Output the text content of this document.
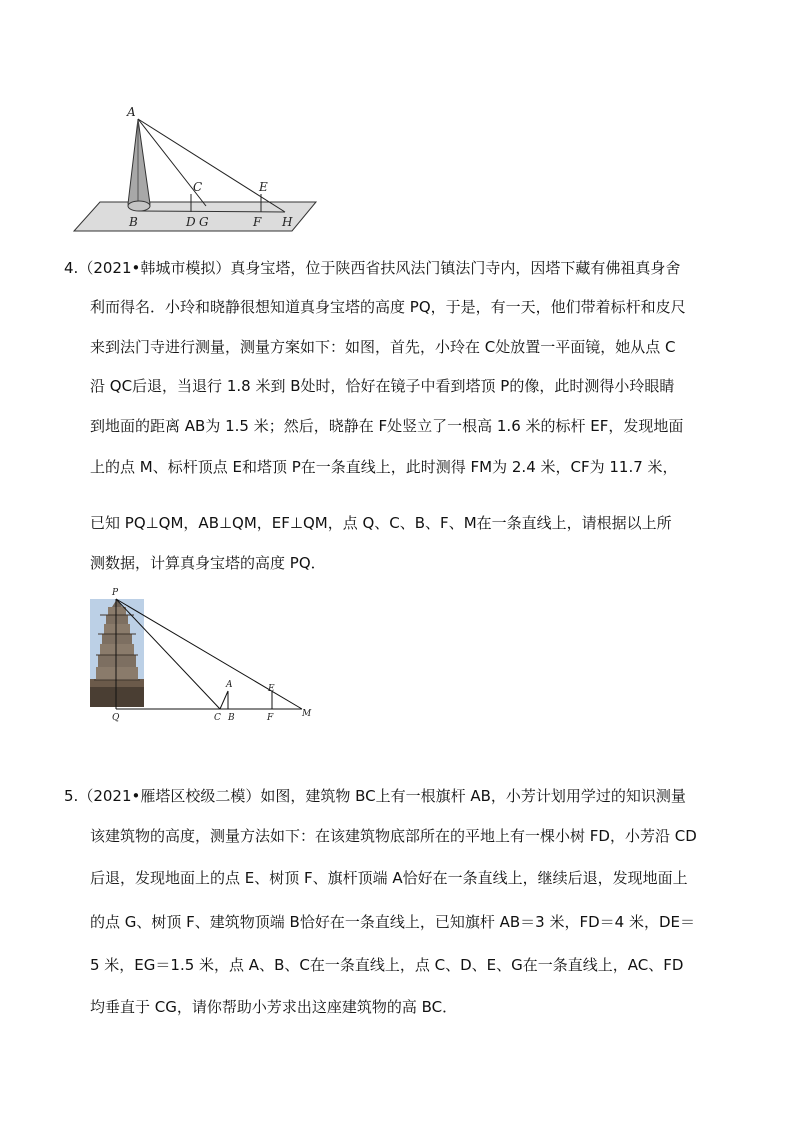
A
B
C
D G
E
F H
4.（2021•韩城市模拟）真身宝塔，位于陕西省扶风法门镇法门寺内，因塔下藏有佛祖真身舍
利而得名．小玲和晓静很想知道真身宝塔的高度 PQ，于是，有一天，他们带着标杆和皮尺
来到法门寺进行测量，测量方案如下：如图，首先，小玲在 C处放置一平面镜，她从点 C
沿 QC后退，当退行 1.8 米到 B处时，恰好在镜子中看到塔顶 P的像，此时测得小玲眼睛
到地面的距离 AB为 1.5 米；然后，晓静在 F处竖立了一根高 1.6 米的标杆 EF，发现地面
上的点 M、标杆顶点 E和塔顶 P在一条直线上，此时测得 FM为 2.4 米，CF为 11.7 米，
已知 PQ⊥QM，AB⊥QM，EF⊥QM，点 Q、C、B、F、M在一条直线上，请根据以上所
测数据，计算真身宝塔的高度 PQ．
P
Q
A
C B
E
F	M
5.（2021•雁塔区校级二模）如图，建筑物 BC上有一根旗杆 AB，小芳计划用学过的知识测量
该建筑物的高度，测量方法如下：在该建筑物底部所在的平地上有一棵小树 FD，小芳沿 CD
后退，发现地面上的点 E、树顶 F、旗杆顶端 A恰好在一条直线上，继续后退，发现地面上
的点 G、树顶 F、建筑物顶端 B恰好在一条直线上，已知旗杆 AB＝3 米，FD＝4 米，DE＝
5 米，EG＝1.5 米，点 A、B、C在一条直线上，点 C、D、E、G在一条直线上，AC、FD
均垂直于 CG，请你帮助小芳求出这座建筑物的高 BC．
